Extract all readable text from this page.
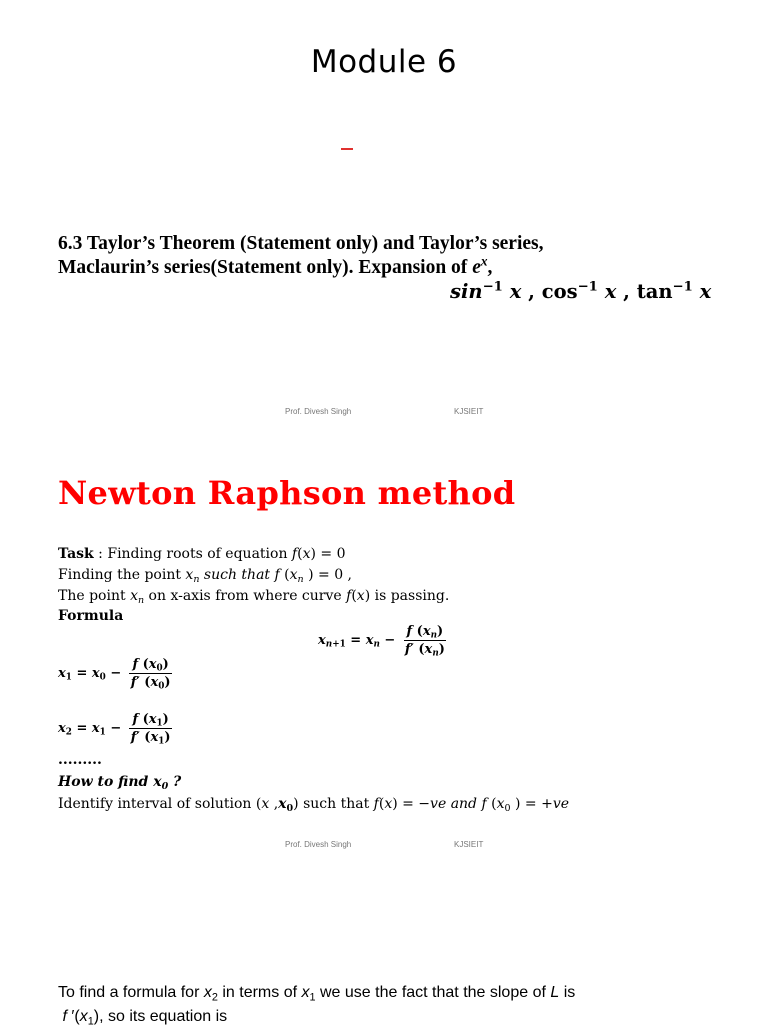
Module 6
6.3 Taylor’s Theorem (Statement only) and Taylor’s series,
Maclaurin’s series(Statement only). Expansion of $e^x$,
$\sin^{-1} x$ , $\cos^{-1} x$ , $\tan^{-1} x$
Prof. Divesh Singh	KJSIEIT
Newton Raphson method
Task : Finding roots of equation f(x) = 0
Finding the point $x_n$ such that f ($x_n$ ) = 0 ,
The point $x_n$ on x-axis from where curve f(x) is passing.
Formula
$x_{n+1} = x_n - \frac{f (x_n)}{f' (x_n)}$
$x_1 = x_0 - \frac{f (x_0)}{f' (x_0)}$
$x_2 = x_1 - \frac{f (x_1)}{f' (x_1)}$
.........
How to find $x_0$ ?
Identify interval of solution (x $,x_0$) such that f(x) = −ve and f ($x_0$ ) = +ve
Prof. Divesh Singh	KJSIEIT
To find a formula for $x_2$ in terms of $x_1$ we use the fact that the slope of L is
f $'(x_1)$, so its equation is
